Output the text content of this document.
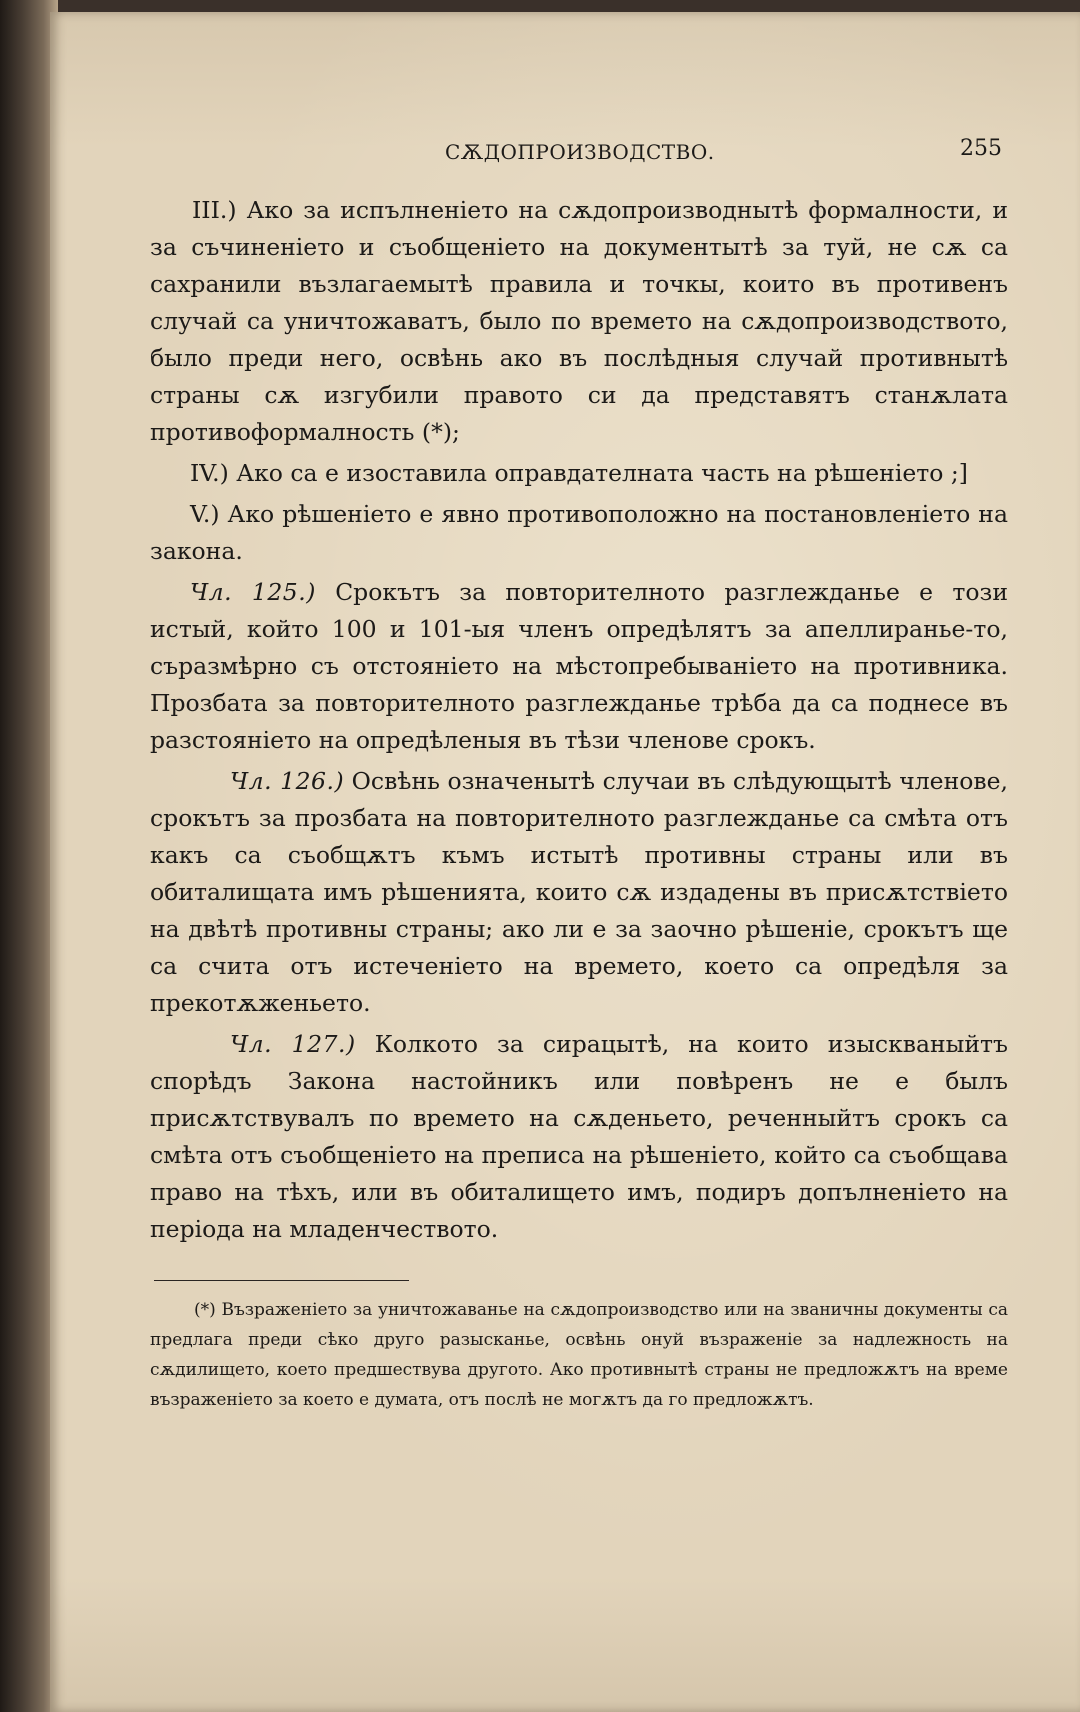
СѪДОПРОИЗВОДСТВО.	255

III.) Ако за испълненіето на сѫдопроизводнытѣ формалности, и за съчиненіето и съобщеніето на документытѣ за туй, не сѫ са сахранили възлагаемытѣ правила и точкы, които въ противенъ случай са уничтожаватъ, было по времето на сѫдопроизводството, было преди него, освѣнь ако въ послѣдныя случай противнытѣ страны сѫ изгубили правото си да представятъ станѫлата противоформалность (*);

IV.) Ако са е изоставила оправдателната часть на рѣшеніето ;]

V.) Ако рѣшеніето е явно противоположно на постановленіето на закона.

Чл. 125.) Срокътъ за повторителното разглежданье е този истый, който 100 и 101-ыя членъ опредѣлятъ за апеллиранье-то, съразмѣрно съ отстояніето на мѣстопребываніето на противника. Прозбата за повторителното разглежданье трѣба да са поднесе въ разстояніето на опредѣленыя въ тѣзи членове срокъ.

Чл. 126.) Освѣнь означенытѣ случаи въ слѣдующытѣ членове, срокътъ за прозбата на повторителното разглежданье са смѣта отъ какъ са съобщѫтъ къмъ истытѣ противны страны или въ обиталищата имъ рѣшенията, които сѫ издадены въ присѫтствіето на двѣтѣ противны страны; ако ли е за заочно рѣшеніе, срокътъ ще са счита отъ истеченіето на времето, което са опредѣля за прекотѫженьето.

Чл. 127.) Колкото за сирацытѣ, на които изыскваныйтъ спорѣдъ Закона настойникъ или повѣренъ не е былъ присѫтствувалъ по времето на сѫденьето, реченныйтъ срокъ са смѣта отъ съобщеніето на преписа на рѣшеніето, който са съобщава право на тѣхъ, или въ обиталището имъ, подиръ допълненіето на періода на младенчеството.

(*) Възраженіето за уничтожаванье на сѫдопроизводство или на званичны документы са предлага преди сѣко друго разысканье, освѣнь онуй възраженіе за надлежность на сѫдилището, което предшествува другото. Ако противнытѣ страны не предложѫтъ на време възраженіето за което е думата, отъ послѣ не могѫтъ да го предложѫтъ.
